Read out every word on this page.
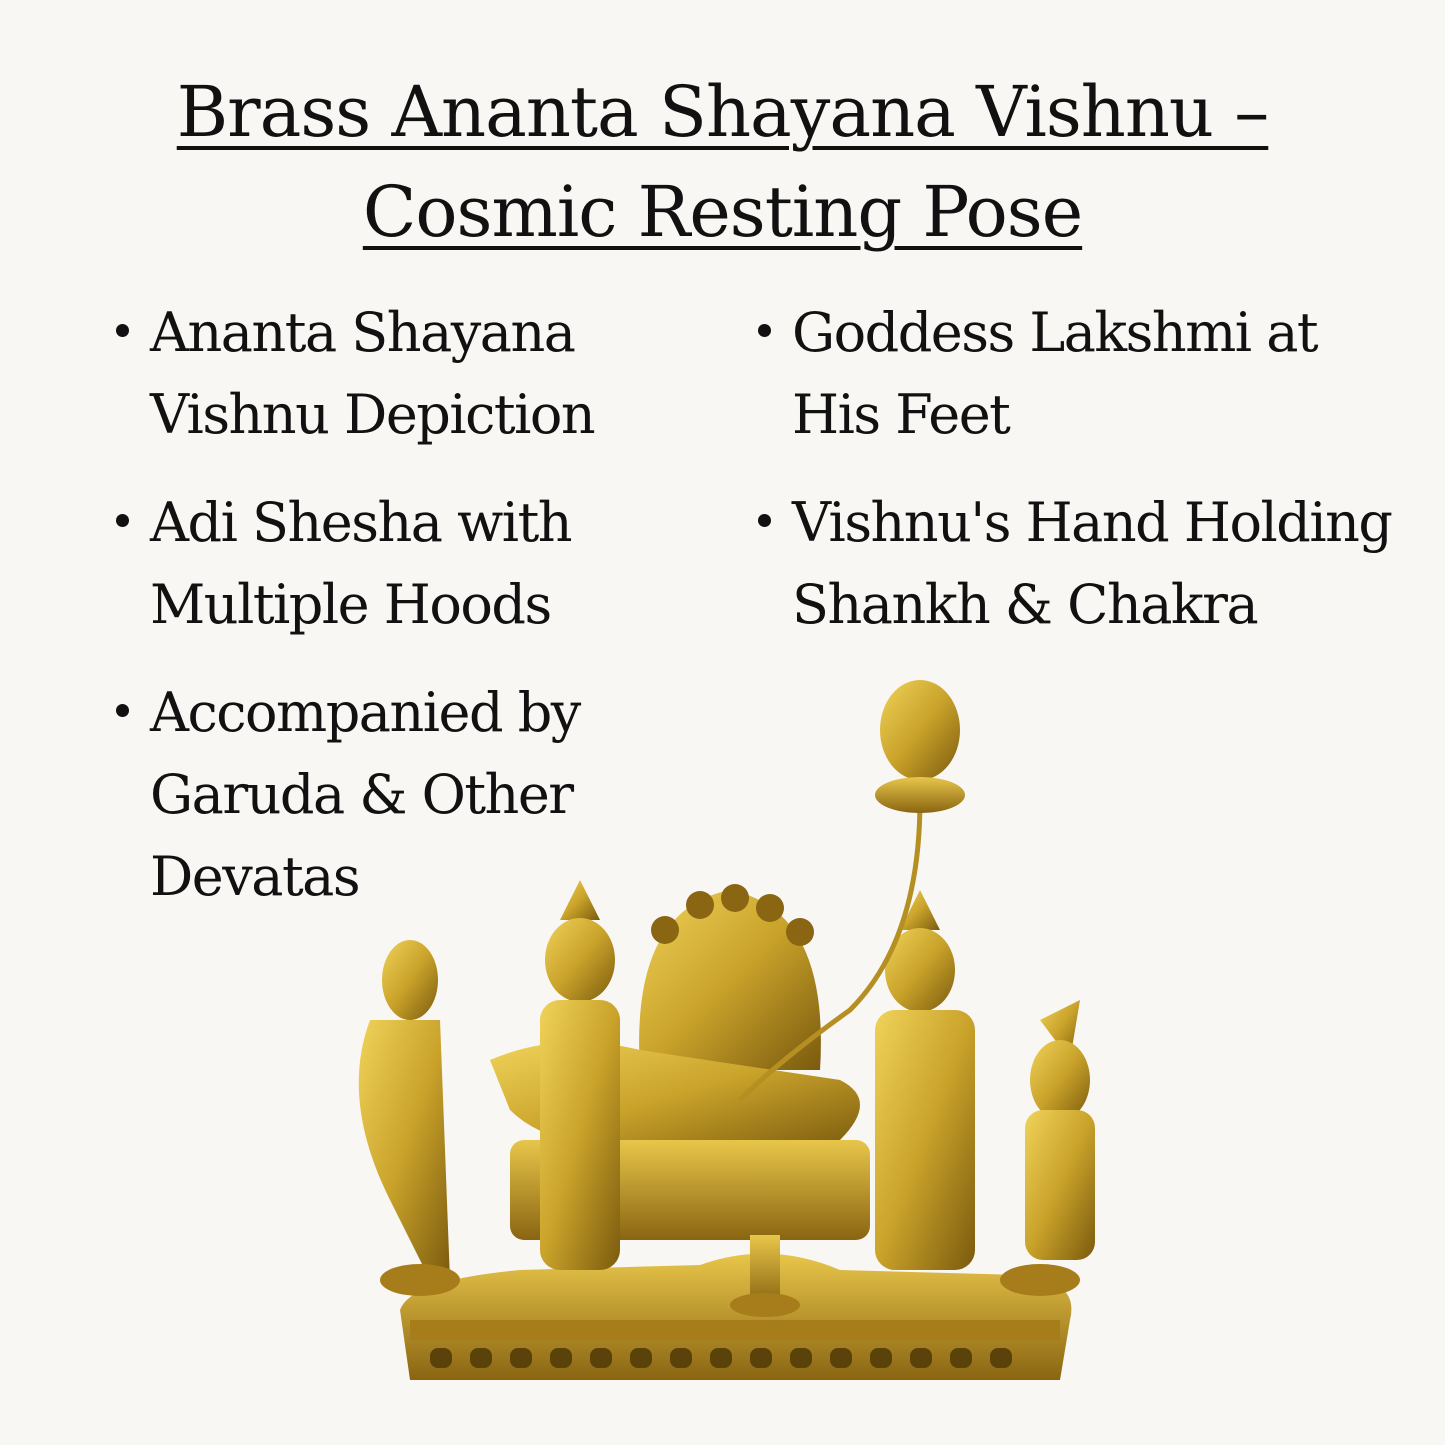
Brass Ananta Shayana Vishnu – Cosmic Resting Pose
Ananta Shayana Vishnu Depiction
Adi Shesha with Multiple Hoods
Accompanied by Garuda & Other Devatas
Goddess Lakshmi at His Feet
Vishnu's Hand Holding Shankh & Chakra
